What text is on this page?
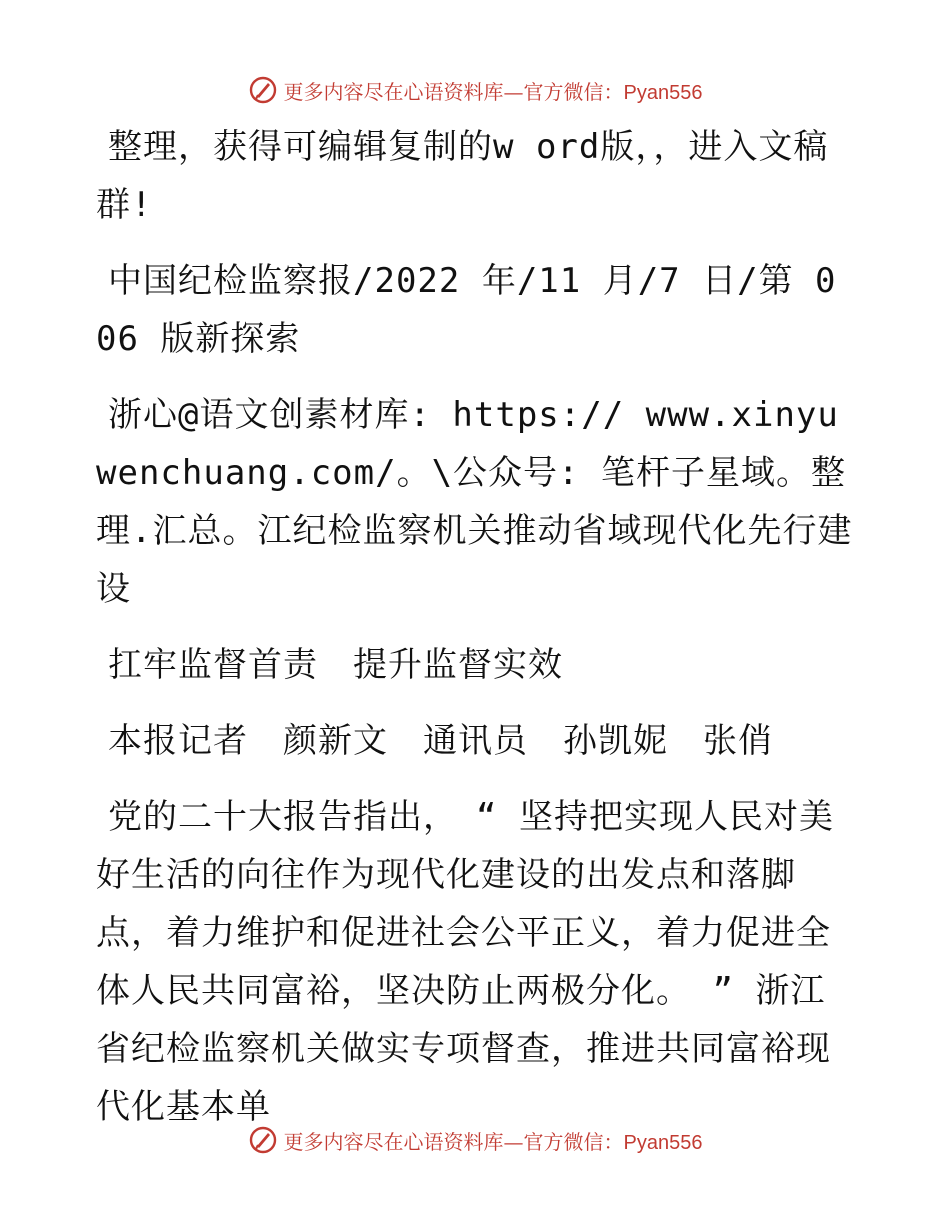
更多内容尽在心语资料库—官方微信：Pyan556

整理，获得可编辑复制的w ord版，，进入文稿群!

中国纪检监察报/2022 年/11 月/7 日/第 006 版新探索

浙心@语文创素材库: https:// www.xinyuwenchuang.com/。\公众号: 笔杆子星域。整理.汇总。江纪检监察机关推动省域现代化先行建设

扛牢监督首责　提升监督实效

本报记者　颜新文　通讯员　孙凯妮　张俏

党的二十大报告指出，　“ 坚持把实现人民对美好生活的向往作为现代化建设的出发点和落脚点，着力维护和促进社会公平正义，着力促进全体人民共同富裕，坚决防止两极分化。 ” 浙江省纪检监察机关做实专项督查，推进共同富裕现代化基本单

更多内容尽在心语资料库—官方微信：Pyan556
